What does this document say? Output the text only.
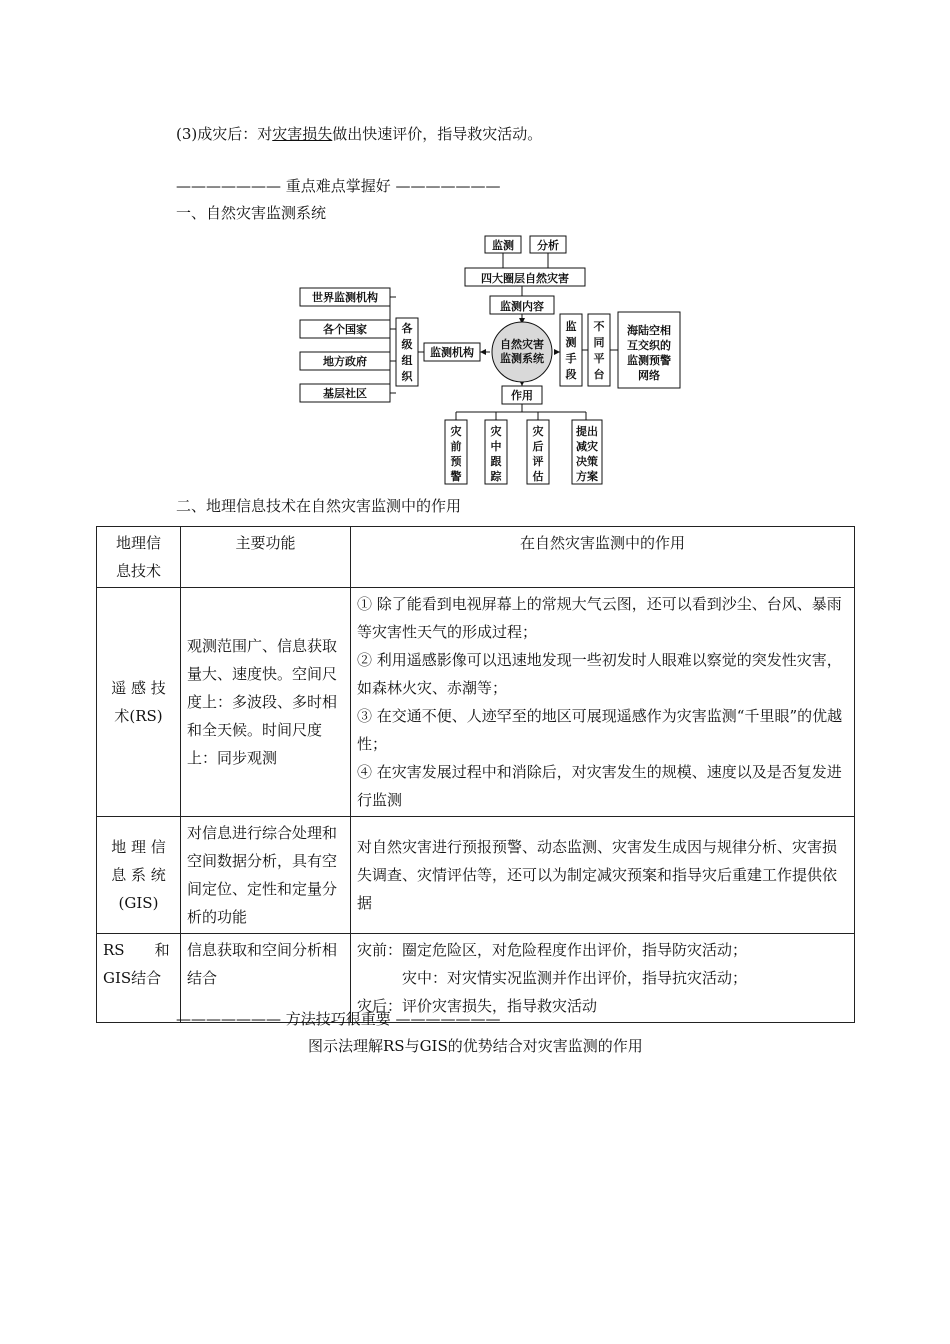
(3)成灾后：对灾害损失做出快速评价，指导救灾活动。
——————— 重点难点掌握好 ———————
一、自然灾害监测系统
监测 分析
四大圈层自然灾害
监测内容
自然灾害
监测系统
世界监测机构
各个国家
地方政府
基层社区
各
级
组
织
监测机构
监
测
手
段
不
同
平
台
海陆空相
互交织的
监测预警
网络
作用
灾
前
预
警
灾
中
跟
踪
灾
后
评
估
提出
减灾
决策
方案
二、地理信息技术在自然灾害监测中的作用
地理信
息技术	主要功能	在自然灾害监测中的作用
遥 感 技
术(RS)	观测范围广、信息获取量大、速度快。空间尺度上：多波段、多时相和全天候。时间尺度上：同步观测	① 除了能看到电视屏幕上的常规大气云图，还可以看到沙尘、台风、暴雨等灾害性天气的形成过程；
② 利用遥感影像可以迅速地发现一些初发时人眼难以察觉的突发性灾害，如森林火灾、赤潮等；
③ 在交通不便、人迹罕至的地区可展现遥感作为灾害监测“千里眼”的优越性；
④ 在灾害发展过程中和消除后，对灾害发生的规模、速度以及是否复发进行监测
地 理 信
息 系 统
(GIS)	对信息进行综合处理和空间数据分析，具有空间定位、定性和定量分析的功能	对自然灾害进行预报预警、动态监测、灾害发生成因与规律分析、灾害损失调查、灾情评估等，还可以为制定减灾预案和指导灾后重建工作提供依据
RS　　和
GIS结合	信息获取和空间分析相结合	灾前：圈定危险区，对危险程度作出评价，指导防灾活动；
　　　灾中：对灾情实况监测并作出评价，指导抗灾活动；
灾后：评价灾害损失，指导救灾活动
——————— 方法技巧很重要 ———————
图示法理解RS与GIS的优势结合对灾害监测的作用
